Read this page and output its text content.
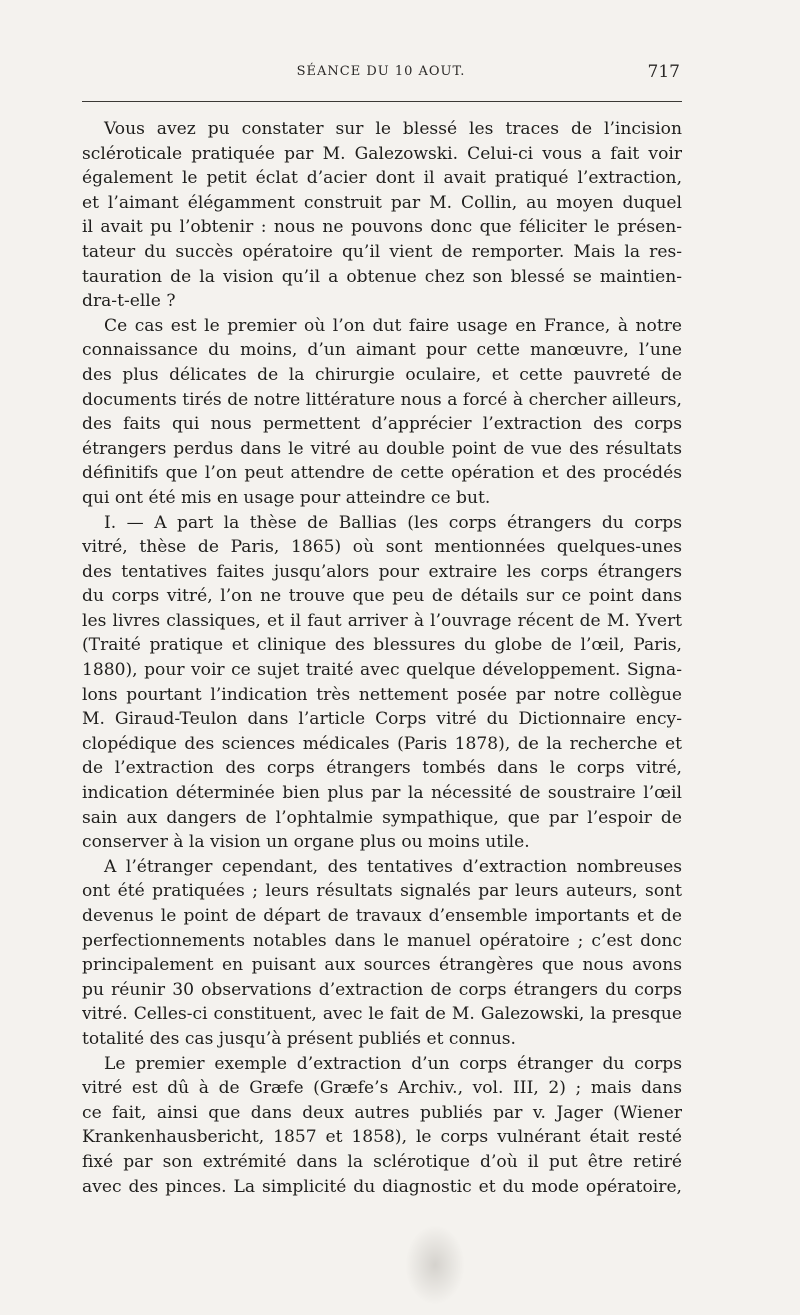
SÉANCE DU 10 AOUT.	717
Vous avez pu constater sur le blessé les traces de l’incision
scléroticale pratiquée par M. Galezowski. Celui-ci vous a fait voir
également le petit éclat d’acier dont il avait pratiqué l’extraction,
et l’aimant élégamment construit par M. Collin, au moyen duquel
il avait pu l’obtenir : nous ne pouvons donc que féliciter le présen-
tateur du succès opératoire qu’il vient de remporter. Mais la res-
tauration de la vision qu’il a obtenue chez son blessé se maintien-
dra-t-elle ?
Ce cas est le premier où l’on dut faire usage en France, à notre
connaissance du moins, d’un aimant pour cette manœuvre, l’une
des plus délicates de la chirurgie oculaire, et cette pauvreté de
documents tirés de notre littérature nous a forcé à chercher ailleurs,
des faits qui nous permettent d’apprécier l’extraction des corps
étrangers perdus dans le vitré au double point de vue des résultats
définitifs que l’on peut attendre de cette opération et des procédés
qui ont été mis en usage pour atteindre ce but.
I. — A part la thèse de Ballias (les corps étrangers du corps
vitré, thèse de Paris, 1865) où sont mentionnées quelques-unes
des tentatives faites jusqu’alors pour extraire les corps étrangers
du corps vitré, l’on ne trouve que peu de détails sur ce point dans
les livres classiques, et il faut arriver à l’ouvrage récent de M. Yvert
(Traité pratique et clinique des blessures du globe de l’œil, Paris,
1880), pour voir ce sujet traité avec quelque développement. Signa-
lons pourtant l’indication très nettement posée par notre collègue
M. Giraud-Teulon dans l’article Corps vitré du Dictionnaire ency-
clopédique des sciences médicales (Paris 1878), de la recherche et
de l’extraction des corps étrangers tombés dans le corps vitré,
indication déterminée bien plus par la nécessité de soustraire l’œil
sain aux dangers de l’ophtalmie sympathique, que par l’espoir de
conserver à la vision un organe plus ou moins utile.
A l’étranger cependant, des tentatives d’extraction nombreuses
ont été pratiquées ; leurs résultats signalés par leurs auteurs, sont
devenus le point de départ de travaux d’ensemble importants et de
perfectionnements notables dans le manuel opératoire ; c’est donc
principalement en puisant aux sources étrangères que nous avons
pu réunir 30 observations d’extraction de corps étrangers du corps
vitré. Celles-ci constituent, avec le fait de M. Galezowski, la presque
totalité des cas jusqu’à présent publiés et connus.
Le premier exemple d’extraction d’un corps étranger du corps
vitré est dû à de Græfe (Græfe’s Archiv., vol. III, 2) ; mais dans
ce fait, ainsi que dans deux autres publiés par v. Jager (Wiener
Krankenhausbericht, 1857 et 1858), le corps vulnérant était resté
fixé par son extrémité dans la sclérotique d’où il put être retiré
avec des pinces. La simplicité du diagnostic et du mode opératoire,
